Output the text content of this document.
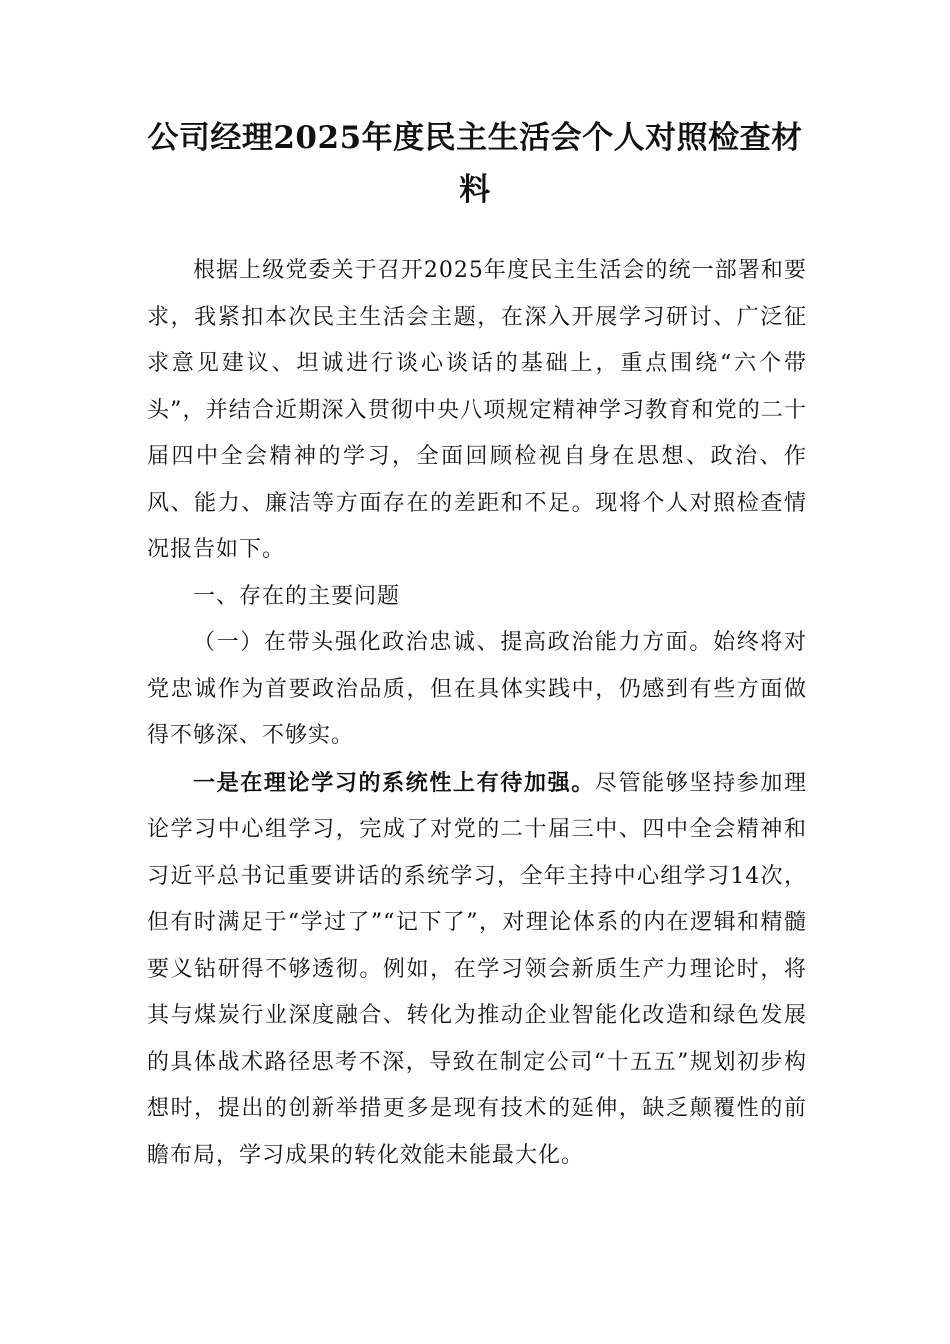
公司经理2025年度民主生活会个人对照检查材料

根据上级党委关于召开2025年度民主生活会的统一部署和要求，我紧扣本次民主生活会主题，在深入开展学习研讨、广泛征求意见建议、坦诚进行谈心谈话的基础上，重点围绕“六个带头”，并结合近期深入贯彻中央八项规定精神学习教育和党的二十届四中全会精神的学习，全面回顾检视自身在思想、政治、作风、能力、廉洁等方面存在的差距和不足。现将个人对照检查情况报告如下。

一、存在的主要问题

（一）在带头强化政治忠诚、提高政治能力方面。始终将对党忠诚作为首要政治品质，但在具体实践中，仍感到有些方面做得不够深、不够实。

一是在理论学习的系统性上有待加强。尽管能够坚持参加理论学习中心组学习，完成了对党的二十届三中、四中全会精神和习近平总书记重要讲话的系统学习，全年主持中心组学习14次，但有时满足于“学过了”“记下了”，对理论体系的内在逻辑和精髓要义钻研得不够透彻。例如，在学习领会新质生产力理论时，将其与煤炭行业深度融合、转化为推动企业智能化改造和绿色发展的具体战术路径思考不深，导致在制定公司“十五五”规划初步构想时，提出的创新举措更多是现有技术的延伸，缺乏颠覆性的前瞻布局，学习成果的转化效能未能最大化。
